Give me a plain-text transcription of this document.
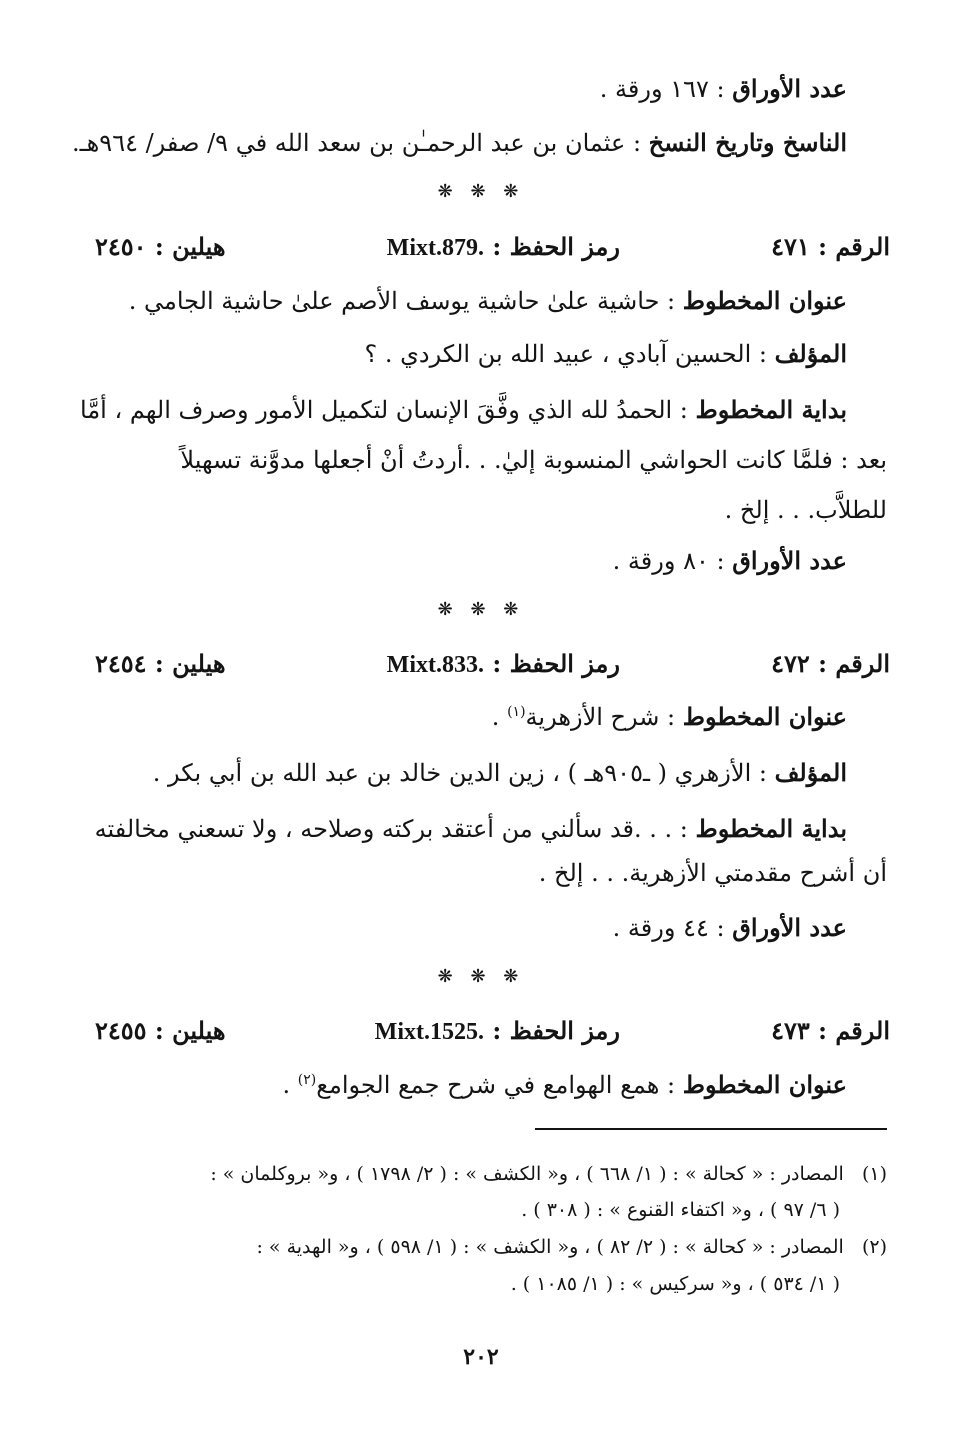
عدد الأوراق : ١٦٧ ورقة .
الناسخ وتاريخ النسخ : عثمان بن عبد الرحمـٰن بن سعد الله في ٩/ صفر/ ٩٦٤هـ.
❋ ❋ ❋
الرقم : ٤٧١
رمز الحفظ : Mixt.879.
هيلين : ٢٤٥٠
عنوان المخطوط : حاشية علىٰ حاشية يوسف الأصم علىٰ حاشية الجامي .
المؤلف : الحسين آبادي ، عبيد الله بن الكردي . ؟
بداية المخطوط : الحمدُ لله الذي وفَّقَ الإنسان لتكميل الأمور وصرف الهم ، أمَّا
بعد : فلمَّا كانت الحواشي المنسوبة إليٰ. . .أردتُ أنْ أجعلها مدوَّنة تسهيلاً
للطلاَّب. . . إلخ .
عدد الأوراق : ٨٠ ورقة .
❋ ❋ ❋
الرقم : ٤٧٢
رمز الحفظ : Mixt.833.
هيلين : ٢٤٥٤
عنوان المخطوط : شرح الأزهرية$^{(١)}$ .
المؤلف : الأزهري ( ـ٩٠٥هـ ) ، زين الدين خالد بن عبد الله بن أبي بكر .
بداية المخطوط : . . .قد سألني من أعتقد بركته وصلاحه ، ولا تسعني مخالفته
أن أشرح مقدمتي الأزهرية. . . إلخ .
عدد الأوراق : ٤٤ ورقة .
❋ ❋ ❋
الرقم : ٤٧٣
رمز الحفظ : Mixt.1525.
هيلين : ٢٤٥٥
عنوان المخطوط : همع الهوامع في شرح جمع الجوامع$^{(٢)}$ .
(١)   المصادر : « كحالة » : ( ١/ ٦٦٨ ) ، و« الكشف » : ( ٢/ ١٧٩٨ ) ، و« بروكلمان » :
( ٦/ ٩٧ ) ، و« اكتفاء القنوع » : ( ٣٠٨ ) .
(٢)   المصادر : « كحالة » : ( ٢/ ٨٢ ) ، و« الكشف » : ( ١/ ٥٩٨ ) ، و« الهدية » :
( ١/ ٥٣٤ ) ، و« سركيس » : ( ١/ ١٠٨٥ ) .
٢٠٢
